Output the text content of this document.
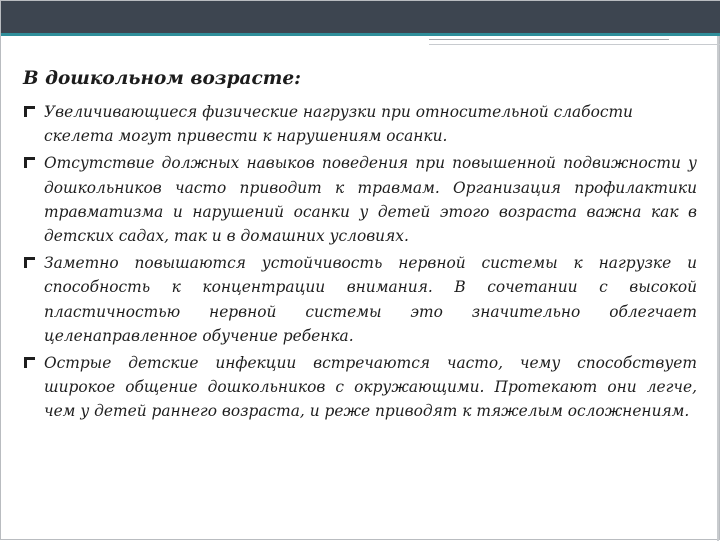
В дошкольном возрасте:
Увеличивающиеся физические нагрузки при относительной слабости скелета могут привести к нарушениям осанки.
Отсутствие должных навыков поведения при повышенной подвижности у дошкольников часто приводит к травмам. Организация профилактики травматизма и нарушений осанки у детей этого возраста важна как в детских садах, так и в домашних условиях.
Заметно повышаются устойчивость нервной системы к нагрузке и способность к концентрации внимания. В сочетании с высокой пластичностью нервной системы это значительно облегчает целенаправленное обучение ребенка.
Острые детские инфекции встречаются часто, чему способствует широкое общение дошкольников с окружающими. Протекают они легче, чем у детей раннего возраста, и реже приводят к тяжелым осложнениям.
